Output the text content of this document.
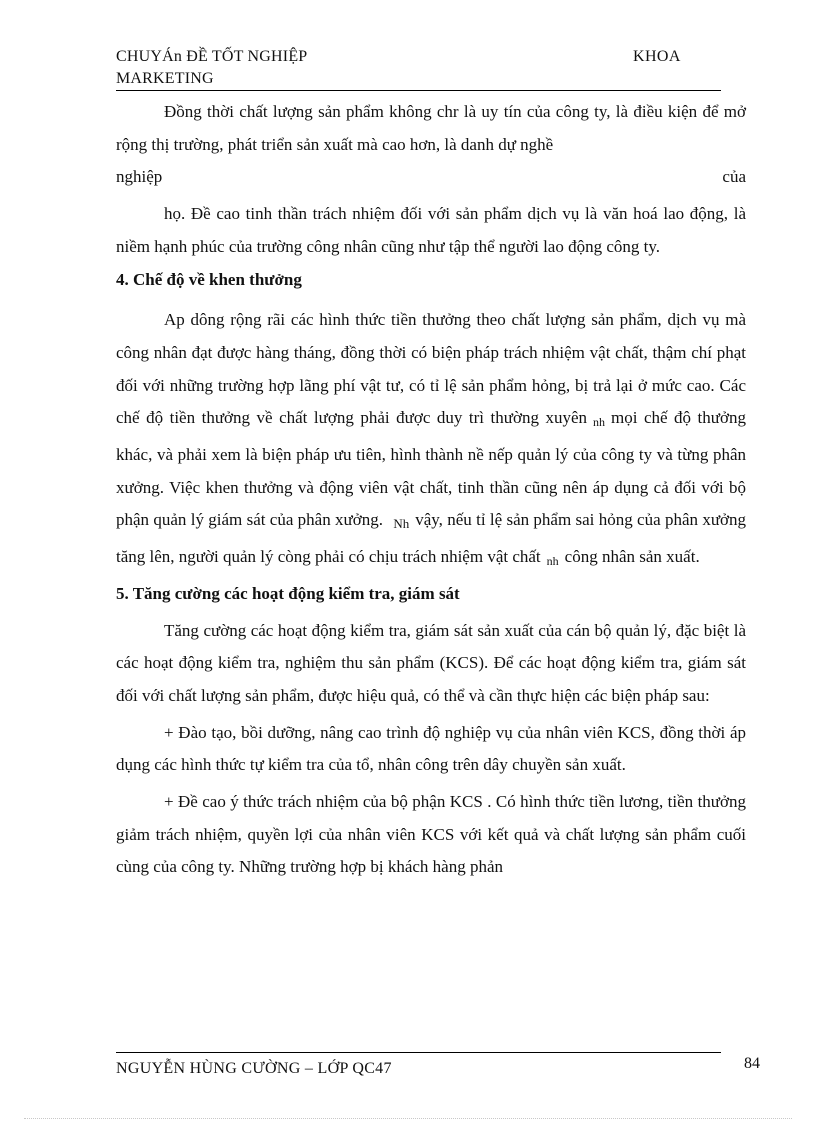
CHUYÁn ĐỀ TỐT NGHIỆP
MARKETING
KHOA

Đồng thời chất lượng sản phẩm không chr là uy tín của công ty, là điều kiện để mở rộng thị trường, phát triển sản xuất mà cao hơn, là danh dự nghề

nghiệp	của

họ. Đề cao tinh thần trách nhiệm đối với sản phẩm dịch vụ là văn hoá lao động, là niềm hạnh phúc của trường công nhân cũng như tập thể người lao động công ty.

4. Chế độ về khen thưởng

Ap dông rộng rãi các hình thức tiền thưởng theo chất lượng sản phẩm, dịch vụ mà công nhân đạt được hàng tháng, đồng thời có biện pháp trách nhiệm vật chất, thậm chí phạt đối với những trường hợp lãng phí vật tư, có tỉ lệ sản phẩm hỏng, bị trả lại ở mức cao. Các chế độ tiền thưởng về chất lượng phải được duy trì thường xuyên nh mọi chế độ thưởng khác, và phải xem là biện pháp ưu tiên, hình thành nề nếp quản lý của công ty và từng phân xưởng. Việc khen thưởng và động viên vật chất, tinh thần cũng nên áp dụng cả đối với bộ phận quản lý giám sát của phân xưởng. Nh vậy, nếu tỉ lệ sản phẩm sai hỏng của phân xưởng tăng lên, người quản lý còng phải có chịu trách nhiệm vật chất nh công nhân sản xuất.

5. Tăng cường các hoạt động kiểm tra, giám sát

Tăng cường các hoạt động kiểm tra, giám sát sản xuất của cán bộ quản lý, đặc biệt là các hoạt động kiểm tra, nghiệm thu sản phẩm (KCS). Để các hoạt động kiểm tra, giám sát đối với chất lượng sản phẩm, được hiệu quả, có thể và cần thực hiện các biện pháp sau:

+ Đào tạo, bồi dưỡng, nâng cao trình độ nghiệp vụ của nhân viên KCS, đồng thời áp dụng các hình thức tự kiểm tra của tổ, nhân công trên dây chuyền sản xuất.

+ Đề cao ý thức trách nhiệm của bộ phận KCS . Có hình thức tiền lương, tiền thưởng giảm trách nhiệm, quyền lợi của nhân viên KCS với kết quả và chất lượng sản phẩm cuối cùng của công ty. Những trường hợp bị khách hàng phản

NGUYỄN HÙNG CƯỜNG – LỚP QC47	84
